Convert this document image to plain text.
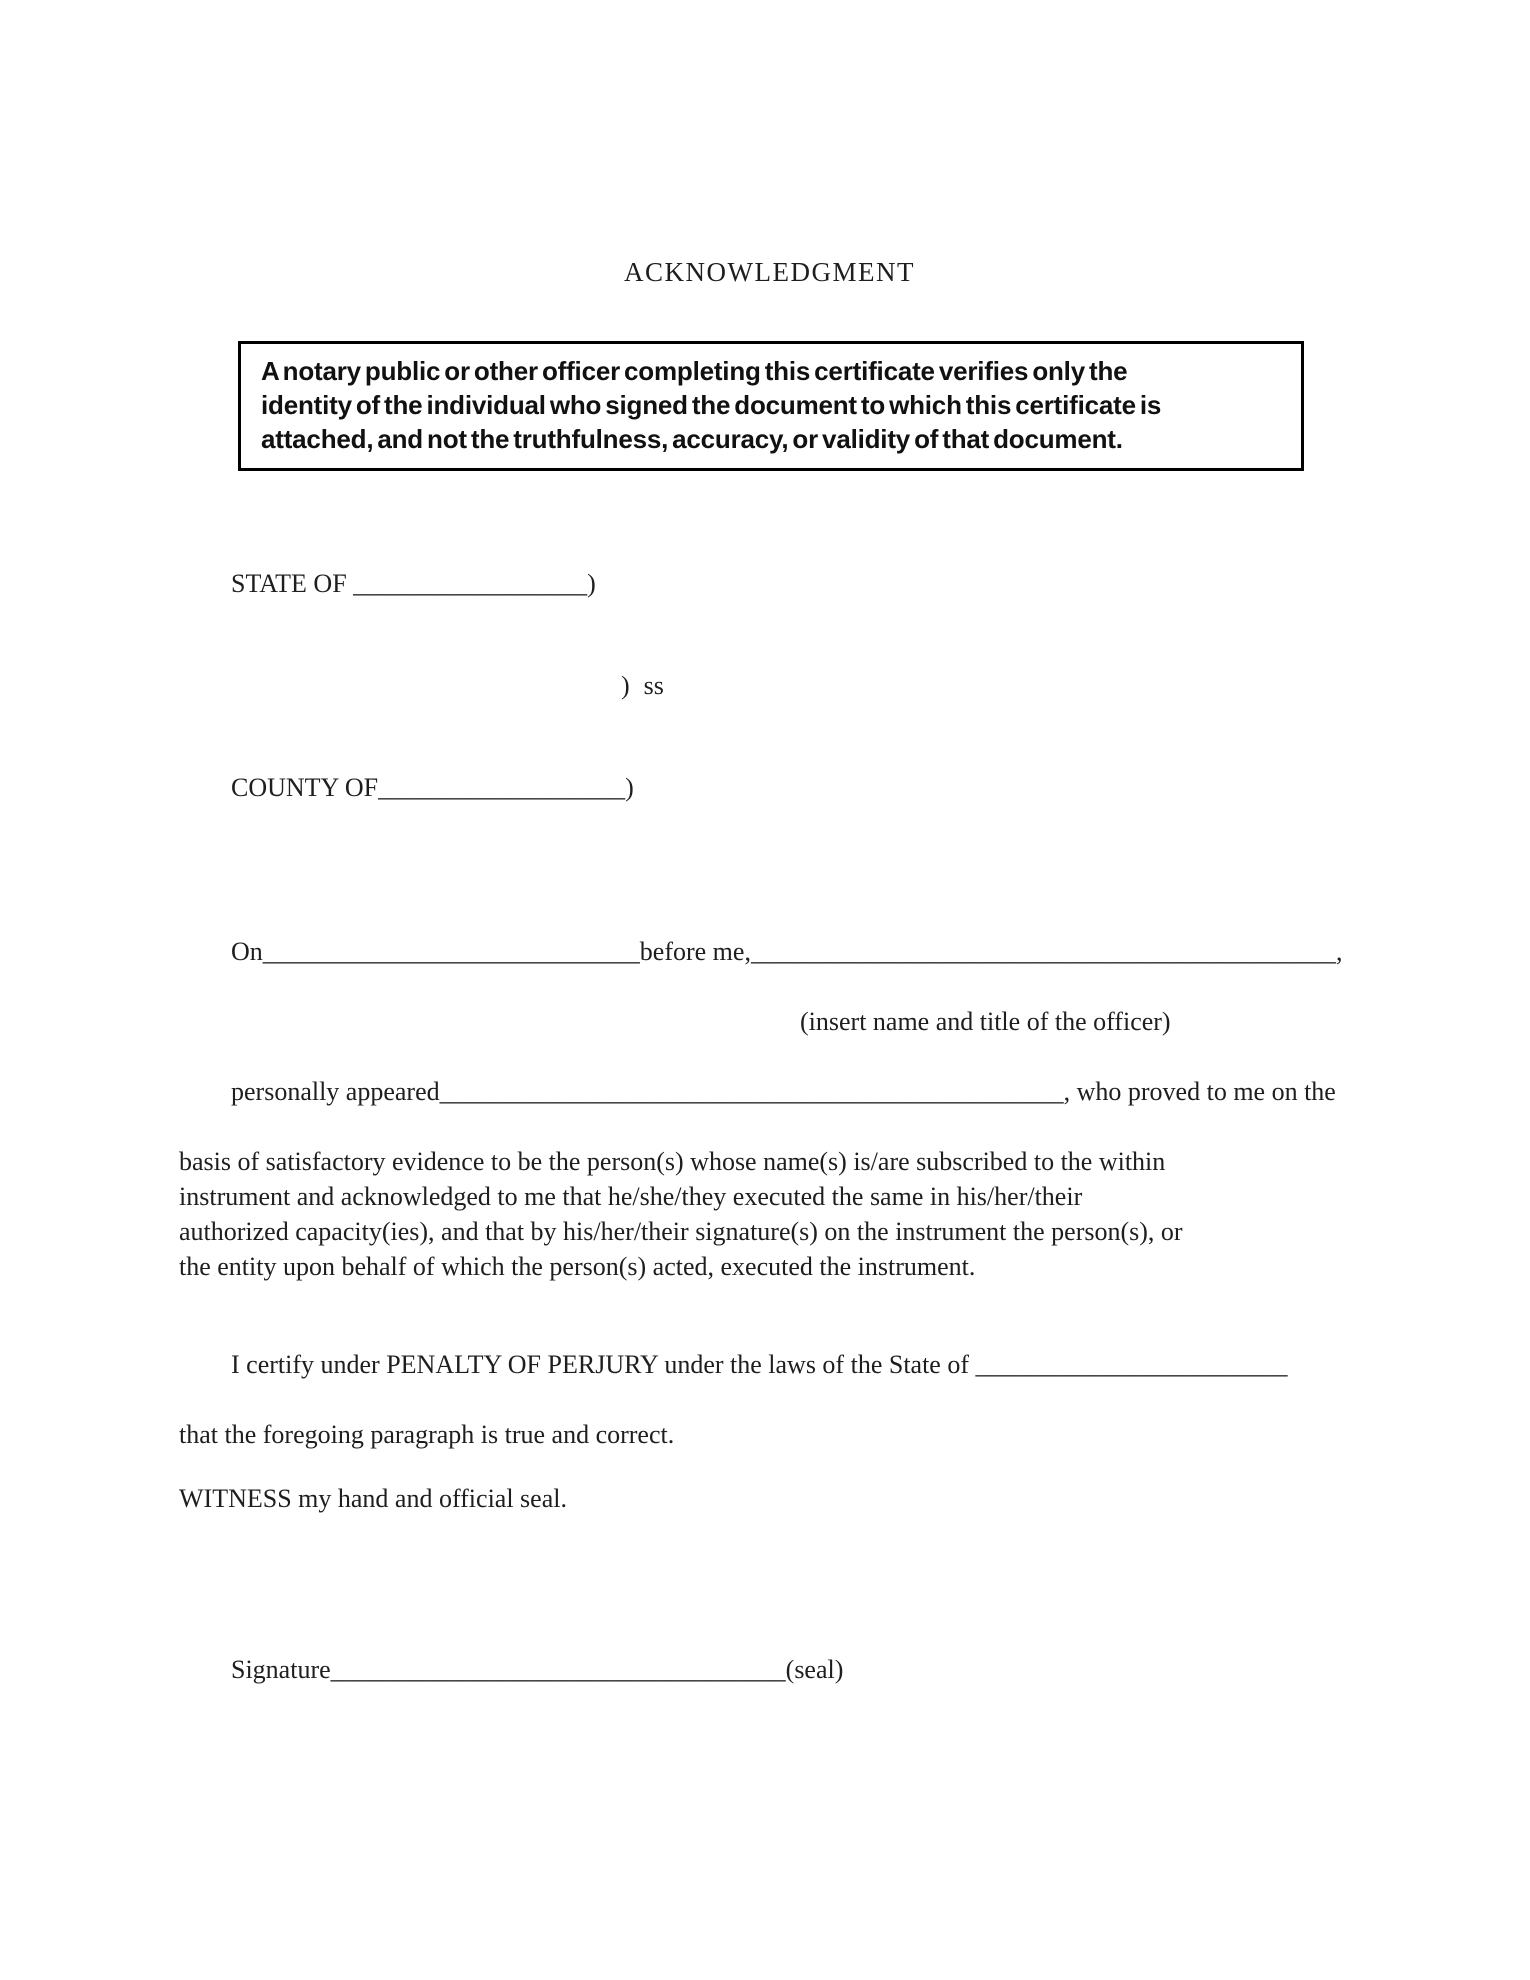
ACKNOWLEDGMENT
A notary public or other officer completing this certificate verifies only the
identity of the individual who signed the document to which this certificate is
attached, and not the truthfulness, accuracy, or validity of that document.

STATE OF __________________)

) ss

COUNTY OF___________________)

On_____________________________before me,_____________________________________________,

(insert name and title of the officer)

personally appeared________________________________________________, who proved to me on the

basis of satisfactory evidence to be the person(s) whose name(s) is/are subscribed to the within
instrument and acknowledged to me that he/she/they executed the same in his/her/their
authorized capacity(ies), and that by his/her/their signature(s) on the instrument the person(s), or
the entity upon behalf of which the person(s) acted, executed the instrument.

I certify under PENALTY OF PERJURY under the laws of the State of ________________________

that the foregoing paragraph is true and correct.
WITNESS my hand and official seal.

Signature___________________________________(seal)
